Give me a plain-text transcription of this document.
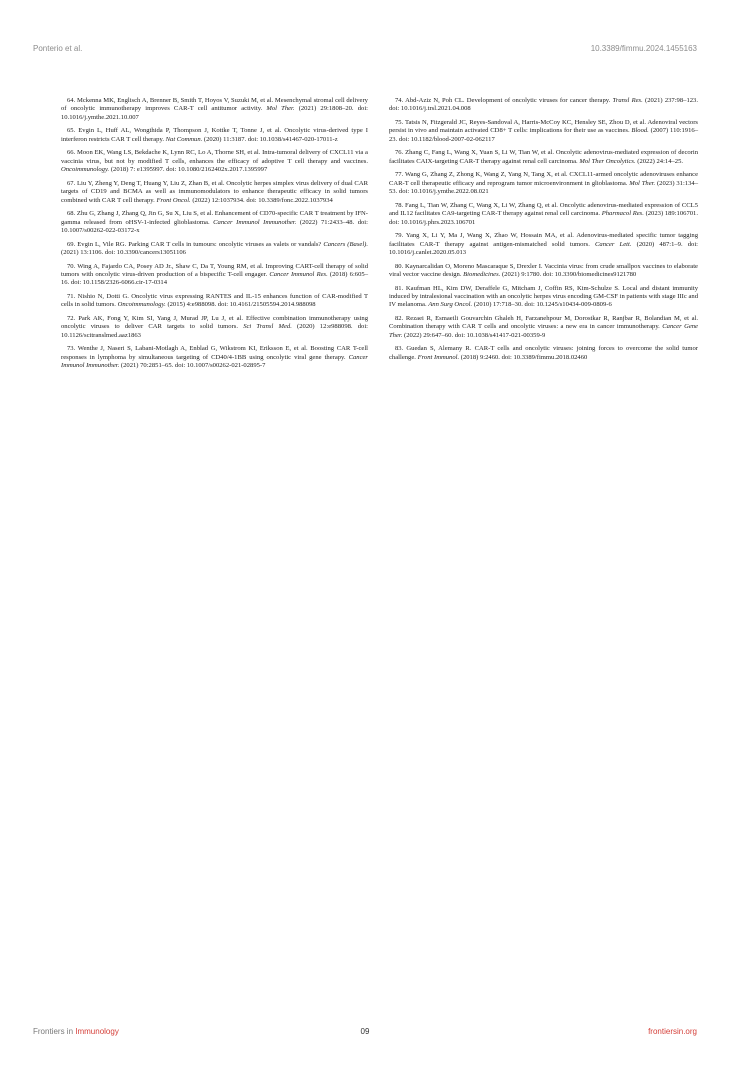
Ponterio et al.	10.3389/fimmu.2024.1455163

64. Mckenna MK, Englisch A, Brenner B, Smith T, Hoyos V, Suzuki M, et al. Mesenchymal stromal cell delivery of oncolytic immunotherapy improves CAR-T cell antitumor activity. Mol Ther. (2021) 29:1808–20. doi: 10.1016/j.ymthe.2021.10.007

65. Evgin L, Huff AL, Wongthida P, Thompson J, Kottke T, Tonne J, et al. Oncolytic virus-derived type I interferon restricts CAR T cell therapy. Nat Commun. (2020) 11:3187. doi: 10.1038/s41467-020-17011-z

66. Moon EK, Wang LS, Bekdache K, Lynn RC, Lo A, Thorne SH, et al. Intra-tumoral delivery of CXCL11 via a vaccinia virus, but not by modified T cells, enhances the efficacy of adoptive T cell therapy and vaccines. Oncoimmunology. (2018) 7: e1395997. doi: 10.1080/2162402x.2017.1395997

67. Liu Y, Zheng Y, Deng T, Huang Y, Liu Z, Zhan B, et al. Oncolytic herpes simplex virus delivery of dual CAR targets of CD19 and BCMA as well as immunomodulators to enhance therapeutic efficacy in solid tumors combined with CAR T cell therapy. Front Oncol. (2022) 12:1037934. doi: 10.3389/fonc.2022.1037934

68. Zhu G, Zhang J, Zhang Q, Jin G, Su X, Liu S, et al. Enhancement of CD70-specific CAR T treatment by IFN-gamma released from oHSV-1-infected glioblastoma. Cancer Immunol Immunother. (2022) 71:2433–48. doi: 10.1007/s00262-022-03172-x

69. Evgin L, Vile RG. Parking CAR T cells in tumours: oncolytic viruses as valets or vandals? Cancers (Basel). (2021) 13:1106. doi: 10.3390/cancers13051106

70. Wing A, Fajardo CA, Posey AD Jr., Shaw C, Da T, Young RM, et al. Improving CART-cell therapy of solid tumors with oncolytic virus-driven production of a bispecific T-cell engager. Cancer Immunol Res. (2018) 6:605–16. doi: 10.1158/2326-6066.cir-17-0314

71. Nishio N, Dotti G. Oncolytic virus expressing RANTES and IL-15 enhances function of CAR-modified T cells in solid tumors. Oncoimmunology. (2015) 4:e988098. doi: 10.4161/21505594.2014.988098

72. Park AK, Fong Y, Kim SI, Yang J, Murad JP, Lu J, et al. Effective combination immunotherapy using oncolytic viruses to deliver CAR targets to solid tumors. Sci Transl Med. (2020) 12:e988098. doi: 10.1126/scitranslmed.aaz1863

73. Wenthe J, Naseri S, Labani-Motlagh A, Enblad G, Wikstrom KI, Eriksson E, et al. Boosting CAR T-cell responses in lymphoma by simultaneous targeting of CD40/4-1BB using oncolytic viral gene therapy. Cancer Immunol Immunother. (2021) 70:2851–65. doi: 10.1007/s00262-021-02895-7

74. Abd-Aziz N, Poh CL. Development of oncolytic viruses for cancer therapy. Transl Res. (2021) 237:98–123. doi: 10.1016/j.trsl.2021.04.008

75. Tatsis N, Fitzgerald JC, Reyes-Sandoval A, Harris-McCoy KC, Hensley SE, Zhou D, et al. Adenoviral vectors persist in vivo and maintain activated CD8+ T cells: implications for their use as vaccines. Blood. (2007) 110:1916–23. doi: 10.1182/blood-2007-02-062117

76. Zhang C, Fang L, Wang X, Yuan S, Li W, Tian W, et al. Oncolytic adenovirus-mediated expression of decorin facilitates CAIX-targeting CAR-T therapy against renal cell carcinoma. Mol Ther Oncolytics. (2022) 24:14–25.

77. Wang G, Zhang Z, Zhong K, Wang Z, Yang N, Tang X, et al. CXCL11-armed oncolytic adenoviruses enhance CAR-T cell therapeutic efficacy and reprogram tumor microenvironment in glioblastoma. Mol Ther. (2023) 31:134–53. doi: 10.1016/j.ymthe.2022.08.021

78. Fang L, Tian W, Zhang C, Wang X, Li W, Zhang Q, et al. Oncolytic adenovirus-mediated expression of CCL5 and IL12 facilitates CA9-targeting CAR-T therapy against renal cell carcinoma. Pharmacol Res. (2023) 189:106701. doi: 10.1016/j.phrs.2023.106701

79. Yang X, Li Y, Ma J, Wang X, Zhao W, Hossain MA, et al. Adenovirus-mediated specific tumor tagging facilitates CAR-T therapy against antigen-mismatched solid tumors. Cancer Lett. (2020) 487:1–9. doi: 10.1016/j.canlet.2020.05.013

80. Kaynarcalidan O, Moreno Mascaraque S, Drexler I. Vaccinia virus: from crude smallpox vaccines to elaborate viral vector vaccine design. Biomedicines. (2021) 9:1780. doi: 10.3390/biomedicines9121780

81. Kaufman HL, Kim DW, Deraffele G, Mitcham J, Coffin RS, Kim-Schulze S. Local and distant immunity induced by intralesional vaccination with an oncolytic herpes virus encoding GM-CSF in patients with stage IIIc and IV melanoma. Ann Surg Oncol. (2010) 17:718–30. doi: 10.1245/s10434-009-0809-6

82. Rezaei R, Esmaeili Gouvarchin Ghaleh H, Farzanehpour M, Dorostkar R, Ranjbar R, Bolandian M, et al. Combination therapy with CAR T cells and oncolytic viruses: a new era in cancer immunotherapy. Cancer Gene Ther. (2022) 29:647–60. doi: 10.1038/s41417-021-00359-9

83. Guedan S, Alemany R. CAR-T cells and oncolytic viruses: joining forces to overcome the solid tumor challenge. Front Immunol. (2018) 9:2460. doi: 10.3389/fimmu.2018.02460

Frontiers in Immunology	09	frontiersin.org
